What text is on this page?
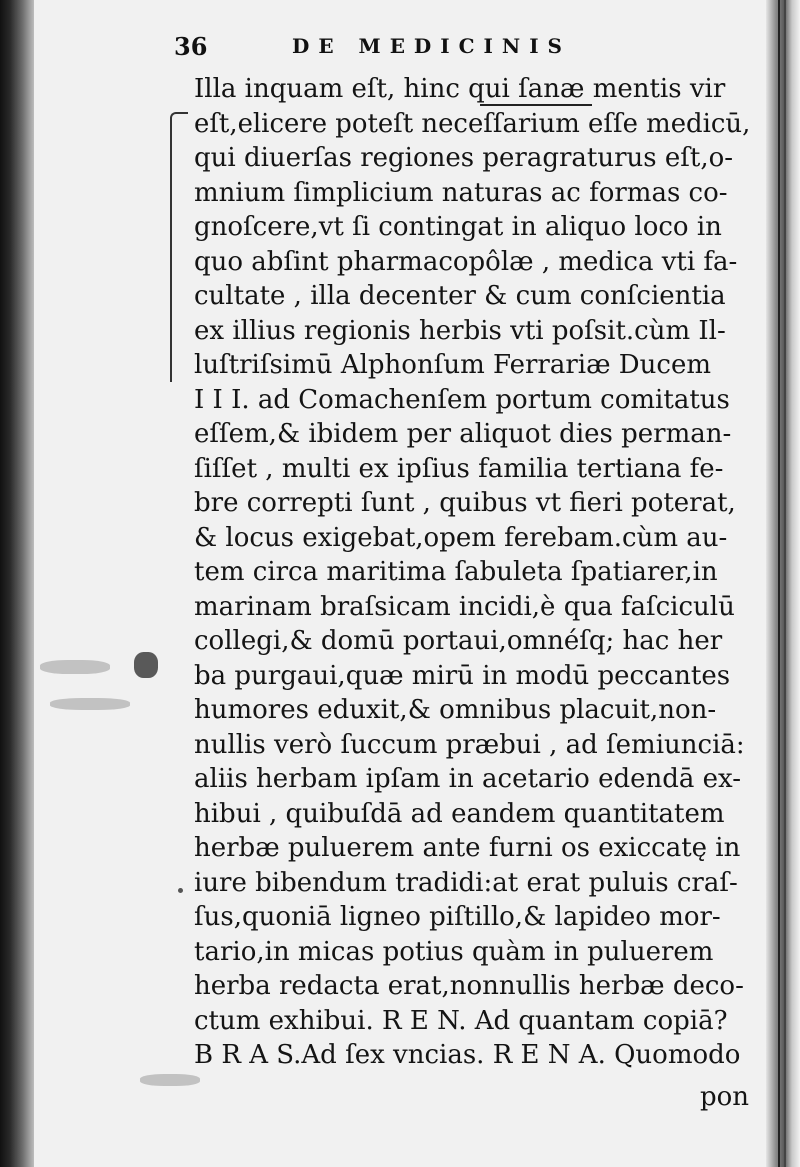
36	DE MEDICINIS
Illa inquam eſt, hinc qui ſanæ mentis vir
eſt,elicere poteſt neceſſarium eſſe medicū,
qui diuerſas regiones peragraturus eſt,o-
mnium ſimplicium naturas ac formas co-
gnoſcere,vt ſi contingat in aliquo loco in
quo abſint pharmacopôlæ , medica vti fa-
cultate , illa decenter & cum conſcientia
ex illius regionis herbis vti poſsit.cùm Il-
luſtriſsimū Alphonſum Ferrariæ Ducem
I I I. ad Comachenſem portum comitatus
eſſem,& ibidem per aliquot dies perman-
ſiſſet , multi ex ipſius familia tertiana fe-
bre correpti ſunt , quibus vt fieri poterat,
& locus exigebat,opem ferebam.cùm au-
tem circa maritima ſabuleta ſpatiarer,in
marinam braſsicam incidi,è qua faſciculū
collegi,& domū portaui,omnéſq; hac her
ba purgaui,quæ mirū in modū peccantes
humores eduxit,& omnibus placuit,non-
nullis verò ſuccum præbui , ad ſemiunciā:
aliis herbam ipſam in acetario edendā ex-
hibui , quibuſdā ad eandem quantitatem
herbæ puluerem ante furni os exiccatę in
iure bibendum tradidi:at erat puluis craſ-
ſus,quoniā ligneo piſtillo,& lapideo mor-
tario,in micas potius quàm in puluerem
herba redacta erat,nonnullis herbæ deco-
ctum exhibui. R E N. Ad quantam copiā?
B R A S.Ad ſex vncias. R E N A. Quomodo
pon
